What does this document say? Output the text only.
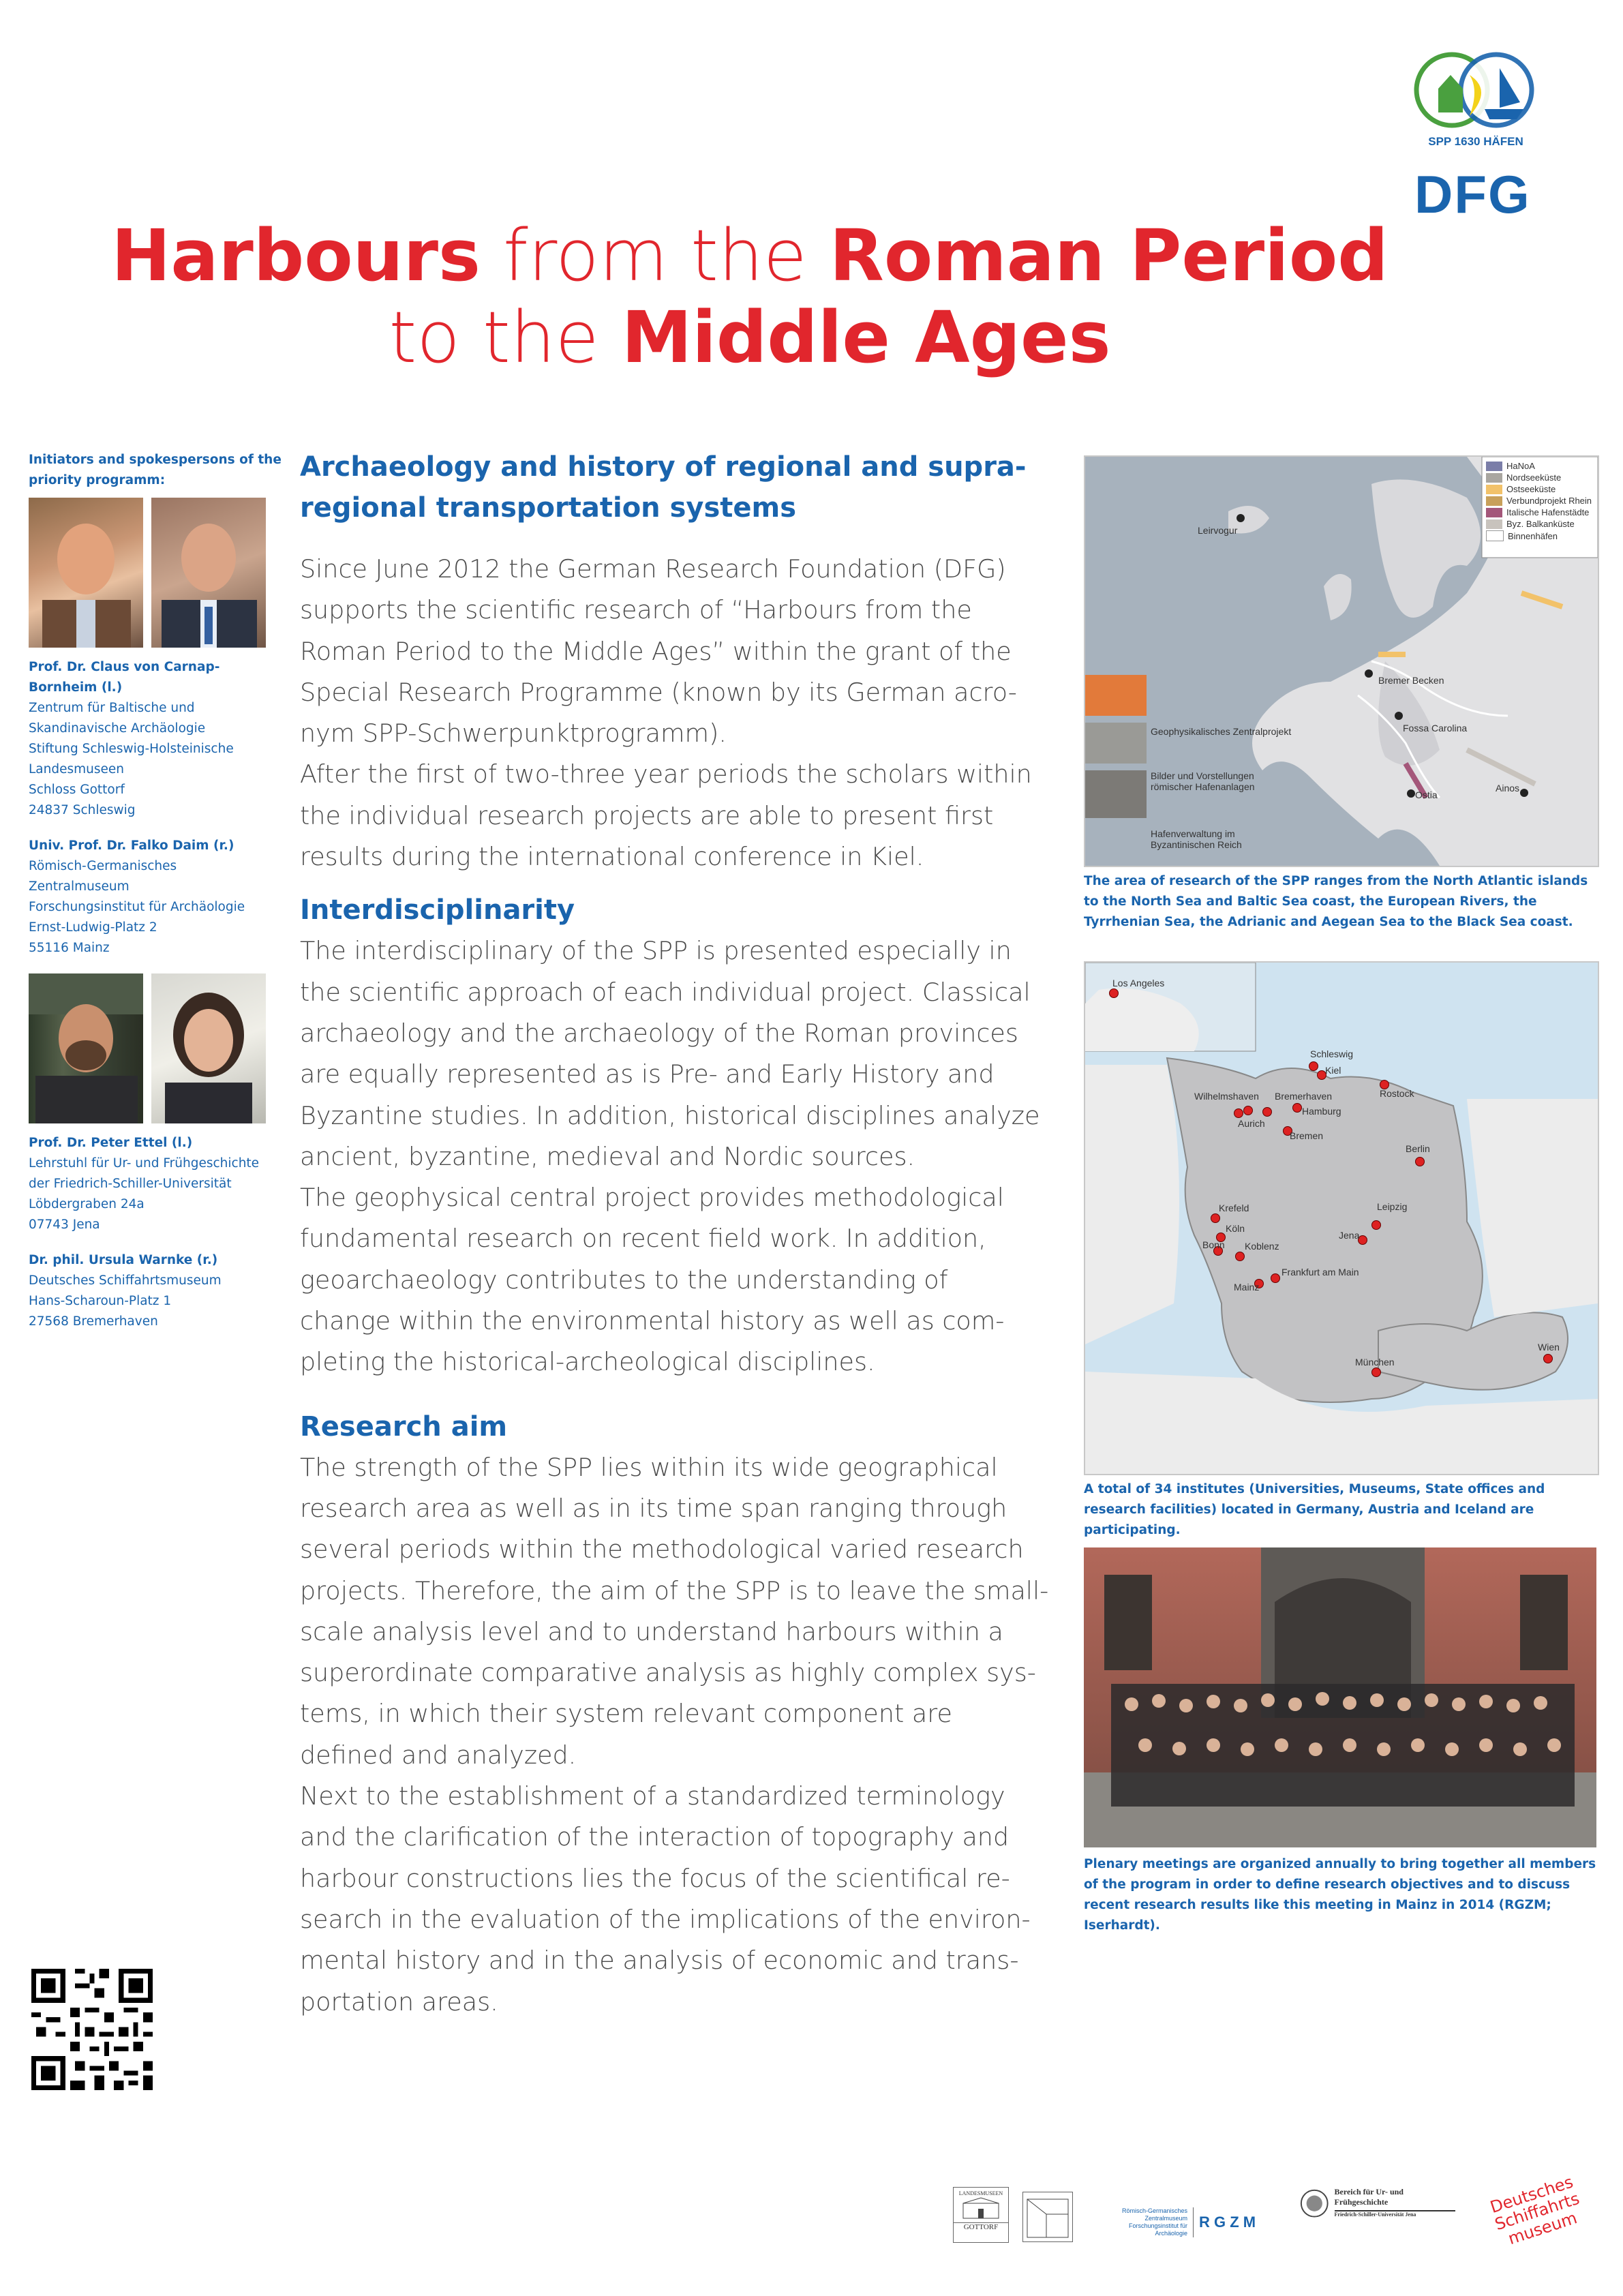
SPP 1630 HÄFEN
DFG
Harbours from the Roman Period
to the Middle Ages
Initiators and spokespersons of the priority programm:
Prof. Dr. Claus von Carnap-Bornheim (l.)
Zentrum für Baltische und
Skandinavische Archäologie
Stiftung Schleswig-Holsteinische
Landesmuseen
Schloss Gottorf
24837 Schleswig
Univ. Prof. Dr. Falko Daim (r.)
Römisch-Germanisches
Zentralmuseum
Forschungsinstitut für Archäologie
Ernst-Ludwig-Platz 2
55116 Mainz
Prof. Dr. Peter Ettel (l.)
Lehrstuhl für Ur- und Frühgeschichte
der Friedrich-Schiller-Universität
Löbdergraben 24a
07743 Jena
Dr. phil. Ursula Warnke (r.)
Deutsches Schiffahrtsmuseum
Hans-Scharoun-Platz 1
27568 Bremerhaven
Archaeology and history of regional and supra-
regional transportation systems
Since June 2012 the German Research Foundation (DFG)
supports the scientific research of “Harbours from the
Roman Period to the Middle Ages” within the grant of the
Special Research Programme (known by its German acro-
nym SPP-Schwerpunktprogramm).
After the first of two-three year periods the scholars within
the individual research projects are able to present first
results during the international conference in Kiel.
Interdisciplinarity
The interdisciplinary of the SPP is presented especially in
the scientific approach of each individual project. Classical
archaeology and the archaeology of the Roman provinces
are equally represented as is Pre- and Early History and
Byzantine studies. In addition, historical disciplines analyze
ancient, byzantine, medieval and Nordic sources.
The geophysical central project provides methodological
fundamental research on recent field work. In addition,
geoarchaeology contributes to the understanding of
change within the environmental history as well as com-
pleting the historical-archeological disciplines.
Research aim
The strength of the SPP lies within its wide geographical
research area as well as in its time span ranging through
several periods within the methodological varied research
projects. Therefore, the aim of the SPP is to leave the small-
scale analysis level and to understand harbours within a
superordinate comparative analysis as highly complex sys-
tems, in which their system relevant component are
defined and analyzed.
Next to the establishment of a standardized terminology
and the clarification of the interaction of topography and
harbour constructions lies the focus of the scientifical re-
search in the evaluation of the implications of the environ-
mental history and in the analysis of economic and trans-
portation areas.
HaNoA
Nordseeküste
Ostseeküste
Verbundprojekt Rhein
Italische Hafenstädte
Byz. Balkanküste
Binnenhäfen
Leirvogur
Bremer Becken
Fossa Carolina
Ostia
Ainos
Geophysikalisches Zentralprojekt
Bilder und Vorstellungen römischer Hafenanlagen
Hafenverwaltung im Byzantinischen Reich
The area of research of the SPP ranges from the North Atlantic islands to the North Sea and Baltic Sea coast, the European Rivers, the Tyrrhenian Sea, the Adrianic and Aegean Sea to the Black Sea coast.
Los Angeles
Schleswig
Kiel
Wilhelmshaven Bremerhaven
Aurich
Hamburg
Rostock
Bremen
Berlin
Krefeld	Leipzig
Köln
Jena
Bonn Koblenz
Frankfurt am Main
Mainz
München
Wien
A total of 34 institutes (Universities, Museums, State offices and research facilities) located in Germany, Austria and Iceland are participating.
Plenary meetings are organized annually to bring together all members of the program in order to define research objectives and to discuss recent research results like this meeting in Mainz in 2014 (RGZM; Iserhardt).
LANDESMUSEEN
GOTTORF
Römisch-Germanisches Zentralmuseum Forschungsinstitut für Archäologie
R G Z M
Bereich für Ur- und Frühgeschichte
Friedrich-Schiller-Universität Jena	Deutsches Schiffahrts museum
